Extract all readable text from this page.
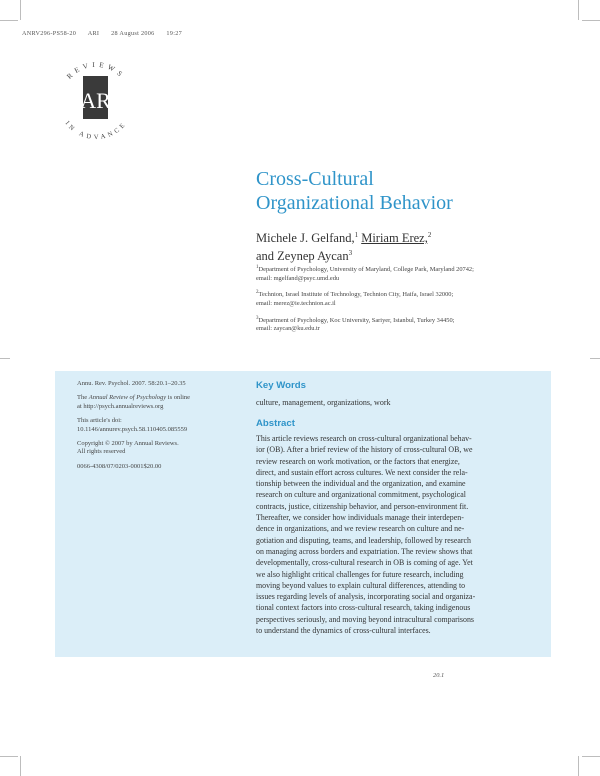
ANRV296-PS58-20 ARI 28 August 2006 19:27
REVIEWS
IN ADVANCE
AR
Cross-Cultural
Organizational Behavior
Michele J. Gelfand,$^1$ Miriam Erez,$^2$
and Zeynep Aycan$^3$
$^1$Department of Psychology, University of Maryland, College Park, Maryland 20742;
email: mgelfand@psyc.umd.edu
$^2$Technion, Israel Institute of Technology, Technion City, Haifa, Israel 32000;
email: merez@ie.technion.ac.il
$^3$Department of Psychology, Koc University, Sariyer, Istanbul, Turkey 34450;
email: zaycan@ku.edu.tr

Annu. Rev. Psychol. 2007. 58:20.1–20.35

The Annual Review of Psychology is online
at http://psych.annualreviews.org

This article's doi:
10.1146/annurev.psych.58.110405.085559

Copyright © 2007 by Annual Reviews.
All rights reserved

0066-4308/07/0203-0001$20.00

Key Words
culture, management, organizations, work
Abstract

This article reviews research on cross-cultural organizational behav-
ior (OB). After a brief review of the history of cross-cultural OB, we
review research on work motivation, or the factors that energize,
direct, and sustain effort across cultures. We next consider the rela-
tionship between the individual and the organization, and examine
research on culture and organizational commitment, psychological
contracts, justice, citizenship behavior, and person-environment fit.
Thereafter, we consider how individuals manage their interdepen-
dence in organizations, and we review research on culture and ne-
gotiation and disputing, teams, and leadership, followed by research
on managing across borders and expatriation. The review shows that
developmentally, cross-cultural research in OB is coming of age. Yet
we also highlight critical challenges for future research, including
moving beyond values to explain cultural differences, attending to
issues regarding levels of analysis, incorporating social and organiza-
tional context factors into cross-cultural research, taking indigenous
perspectives seriously, and moving beyond intracultural comparisons
to understand the dynamics of cross-cultural interfaces.

20.1
